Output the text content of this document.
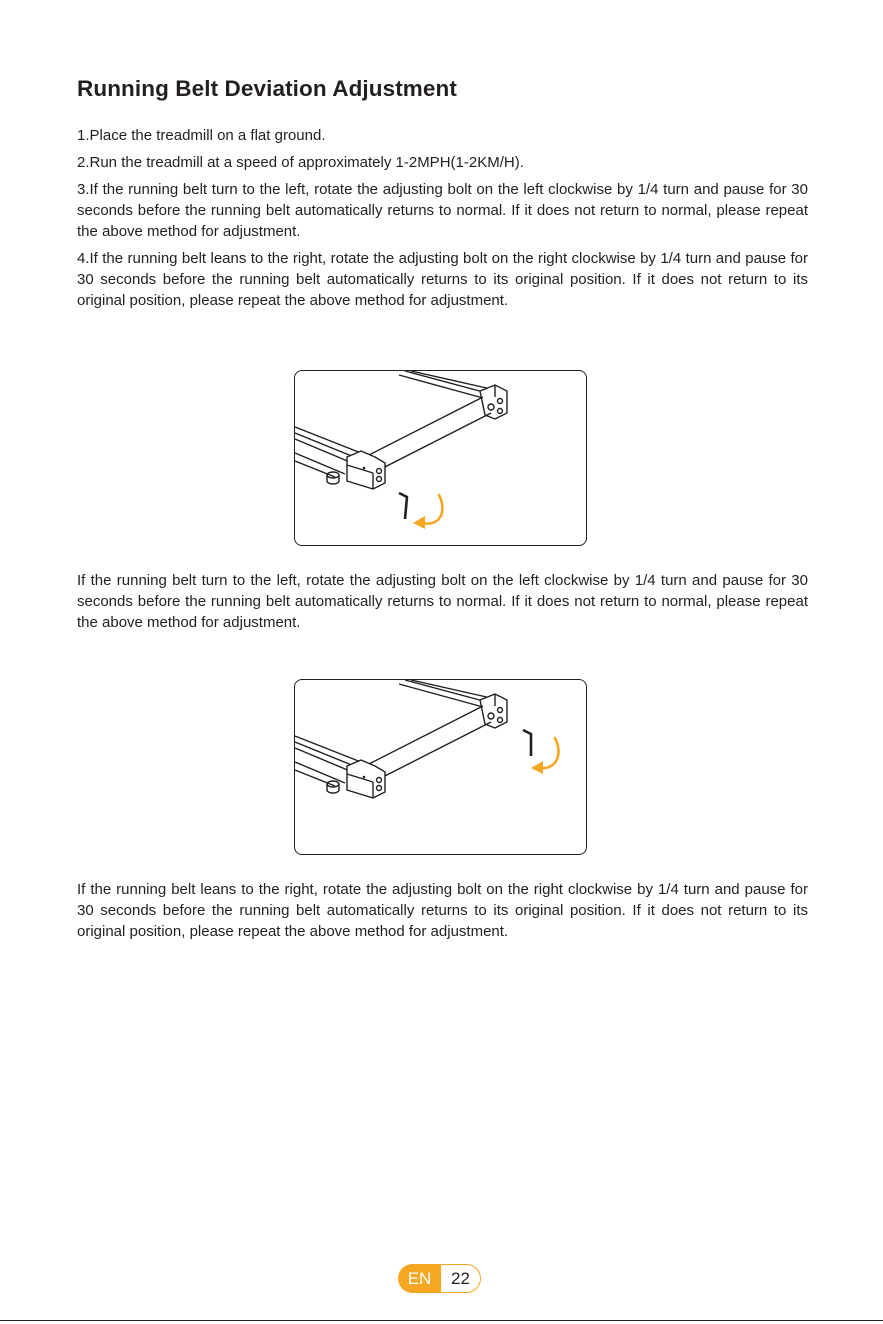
Running Belt Deviation Adjustment

1.Place the treadmill on a flat ground.

2.Run the treadmill at a speed of approximately 1-2MPH(1-2KM/H).

3.If the running belt turn to the left, rotate the adjusting bolt on the left clockwise by 1/4 turn and pause for 30 seconds before the running belt automatically returns to normal. If it does not return to normal, please repeat the above method for adjustment.

4.If the running belt leans to the right, rotate the adjusting bolt on the right clockwise by 1/4 turn and pause for 30 seconds before the running belt automatically returns to its original position. If it does not return to its original position, please repeat the above method for adjustment.

If the running belt turn to the left, rotate the adjusting bolt on the left clockwise by 1/4 turn and pause for 30 seconds before the running belt automatically returns to normal. If it does not return to normal, please repeat the above method for adjustment.

If the running belt leans to the right, rotate the adjusting bolt on the right clockwise by 1/4 turn and pause for 30 seconds before the running belt automatically returns to its original position. If it does not return to its original position, please repeat the above method for adjustment.

EN	22
